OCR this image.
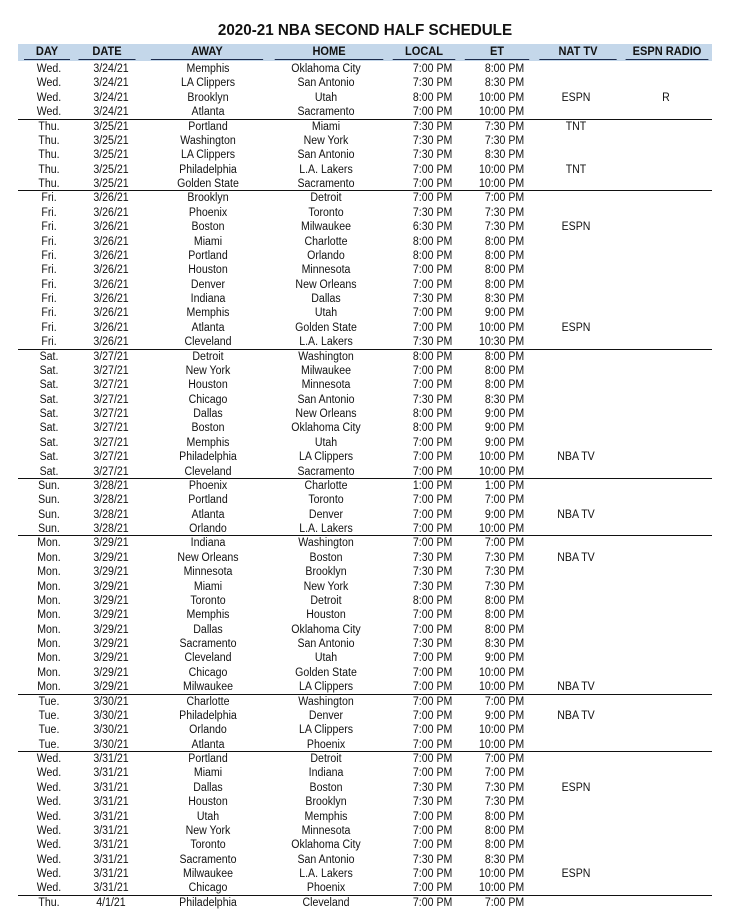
2020-21 NBA SECOND HALF SCHEDULE
DAY	DATE	AWAY	HOME	LOCAL	ET	NAT TV	ESPN RADIO
Wed.	3/24/21	Memphis	Oklahoma City	7:00 PM	8:00 PM
Wed.	3/24/21	LA Clippers	San Antonio	7:30 PM	8:30 PM
Wed.	3/24/21	Brooklyn	Utah	8:00 PM	10:00 PM	ESPN	R
Wed.	3/24/21	Atlanta	Sacramento	7:00 PM	10:00 PM
Thu.	3/25/21	Portland	Miami	7:30 PM	7:30 PM	TNT
Thu.	3/25/21	Washington	New York	7:30 PM	7:30 PM
Thu.	3/25/21	LA Clippers	San Antonio	7:30 PM	8:30 PM
Thu.	3/25/21	Philadelphia	L.A. Lakers	7:00 PM	10:00 PM	TNT
Thu.	3/25/21	Golden State	Sacramento	7:00 PM	10:00 PM
Fri.	3/26/21	Brooklyn	Detroit	7:00 PM	7:00 PM
Fri.	3/26/21	Phoenix	Toronto	7:30 PM	7:30 PM
Fri.	3/26/21	Boston	Milwaukee	6:30 PM	7:30 PM	ESPN
Fri.	3/26/21	Miami	Charlotte	8:00 PM	8:00 PM
Fri.	3/26/21	Portland	Orlando	8:00 PM	8:00 PM
Fri.	3/26/21	Houston	Minnesota	7:00 PM	8:00 PM
Fri.	3/26/21	Denver	New Orleans	7:00 PM	8:00 PM
Fri.	3/26/21	Indiana	Dallas	7:30 PM	8:30 PM
Fri.	3/26/21	Memphis	Utah	7:00 PM	9:00 PM
Fri.	3/26/21	Atlanta	Golden State	7:00 PM	10:00 PM	ESPN
Fri.	3/26/21	Cleveland	L.A. Lakers	7:30 PM	10:30 PM
Sat.	3/27/21	Detroit	Washington	8:00 PM	8:00 PM
Sat.	3/27/21	New York	Milwaukee	7:00 PM	8:00 PM
Sat.	3/27/21	Houston	Minnesota	7:00 PM	8:00 PM
Sat.	3/27/21	Chicago	San Antonio	7:30 PM	8:30 PM
Sat.	3/27/21	Dallas	New Orleans	8:00 PM	9:00 PM
Sat.	3/27/21	Boston	Oklahoma City	8:00 PM	9:00 PM
Sat.	3/27/21	Memphis	Utah	7:00 PM	9:00 PM
Sat.	3/27/21	Philadelphia	LA Clippers	7:00 PM	10:00 PM	NBA TV
Sat.	3/27/21	Cleveland	Sacramento	7:00 PM	10:00 PM
Sun.	3/28/21	Phoenix	Charlotte	1:00 PM	1:00 PM
Sun.	3/28/21	Portland	Toronto	7:00 PM	7:00 PM
Sun.	3/28/21	Atlanta	Denver	7:00 PM	9:00 PM	NBA TV
Sun.	3/28/21	Orlando	L.A. Lakers	7:00 PM	10:00 PM
Mon.	3/29/21	Indiana	Washington	7:00 PM	7:00 PM
Mon.	3/29/21	New Orleans	Boston	7:30 PM	7:30 PM	NBA TV
Mon.	3/29/21	Minnesota	Brooklyn	7:30 PM	7:30 PM
Mon.	3/29/21	Miami	New York	7:30 PM	7:30 PM
Mon.	3/29/21	Toronto	Detroit	8:00 PM	8:00 PM
Mon.	3/29/21	Memphis	Houston	7:00 PM	8:00 PM
Mon.	3/29/21	Dallas	Oklahoma City	7:00 PM	8:00 PM
Mon.	3/29/21	Sacramento	San Antonio	7:30 PM	8:30 PM
Mon.	3/29/21	Cleveland	Utah	7:00 PM	9:00 PM
Mon.	3/29/21	Chicago	Golden State	7:00 PM	10:00 PM
Mon.	3/29/21	Milwaukee	LA Clippers	7:00 PM	10:00 PM	NBA TV
Tue.	3/30/21	Charlotte	Washington	7:00 PM	7:00 PM
Tue.	3/30/21	Philadelphia	Denver	7:00 PM	9:00 PM	NBA TV
Tue.	3/30/21	Orlando	LA Clippers	7:00 PM	10:00 PM
Tue.	3/30/21	Atlanta	Phoenix	7:00 PM	10:00 PM
Wed.	3/31/21	Portland	Detroit	7:00 PM	7:00 PM
Wed.	3/31/21	Miami	Indiana	7:00 PM	7:00 PM
Wed.	3/31/21	Dallas	Boston	7:30 PM	7:30 PM	ESPN
Wed.	3/31/21	Houston	Brooklyn	7:30 PM	7:30 PM
Wed.	3/31/21	Utah	Memphis	7:00 PM	8:00 PM
Wed.	3/31/21	New York	Minnesota	7:00 PM	8:00 PM
Wed.	3/31/21	Toronto	Oklahoma City	7:00 PM	8:00 PM
Wed.	3/31/21	Sacramento	San Antonio	7:30 PM	8:30 PM
Wed.	3/31/21	Milwaukee	L.A. Lakers	7:00 PM	10:00 PM	ESPN
Wed.	3/31/21	Chicago	Phoenix	7:00 PM	10:00 PM
Thu.	4/1/21	Philadelphia	Cleveland	7:00 PM	7:00 PM
